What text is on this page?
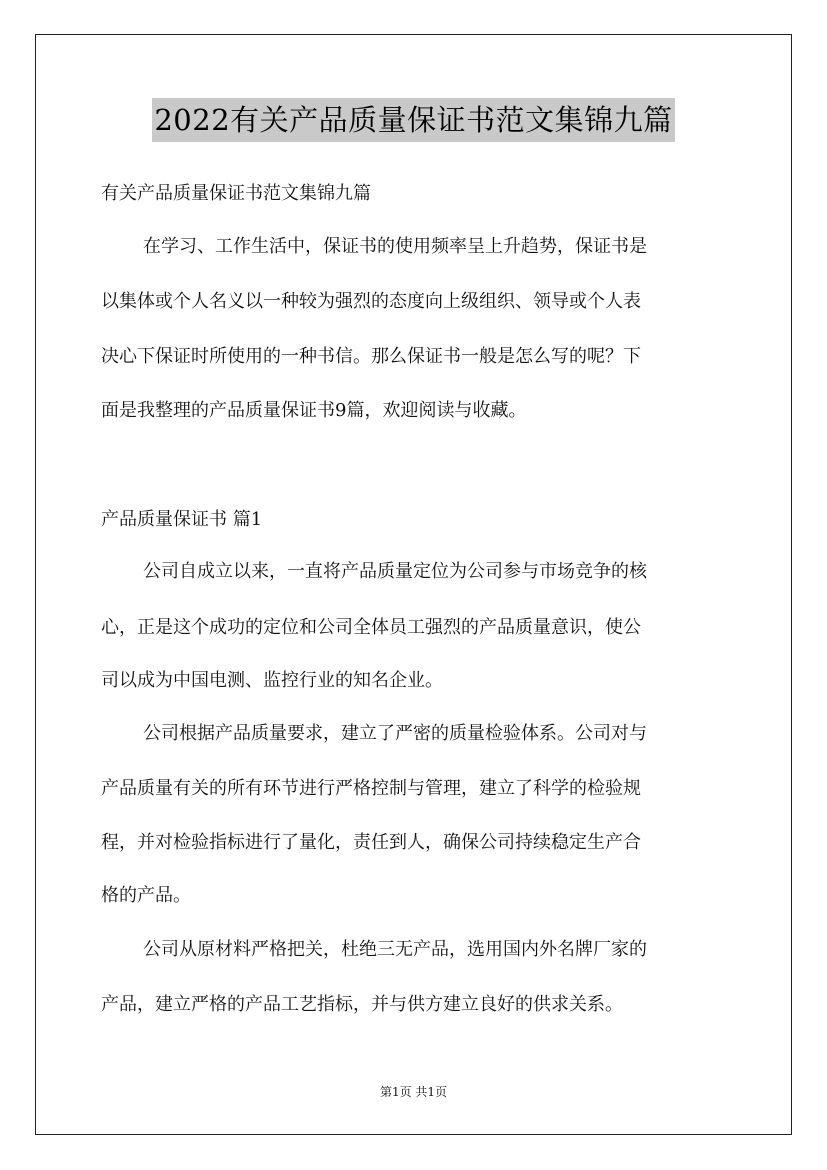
2022有关产品质量保证书范文集锦九篇
有关产品质量保证书范文集锦九篇
在学习、工作生活中，保证书的使用频率呈上升趋势，保证书是
以集体或个人名义以一种较为强烈的态度向上级组织、领导或个人表
决心下保证时所使用的一种书信。那么保证书一般是怎么写的呢？下
面是我整理的产品质量保证书9篇，欢迎阅读与收藏。
产品质量保证书 篇1
公司自成立以来，一直将产品质量定位为公司参与市场竞争的核
心，正是这个成功的定位和公司全体员工强烈的产品质量意识，使公
司以成为中国电测、监控行业的知名企业。
公司根据产品质量要求，建立了严密的质量检验体系。公司对与
产品质量有关的所有环节进行严格控制与管理，建立了科学的检验规
程，并对检验指标进行了量化，责任到人，确保公司持续稳定生产合
格的产品。
公司从原材料严格把关，杜绝三无产品，选用国内外名牌厂家的
产品，建立严格的产品工艺指标，并与供方建立良好的供求关系。
第1页 共1页
